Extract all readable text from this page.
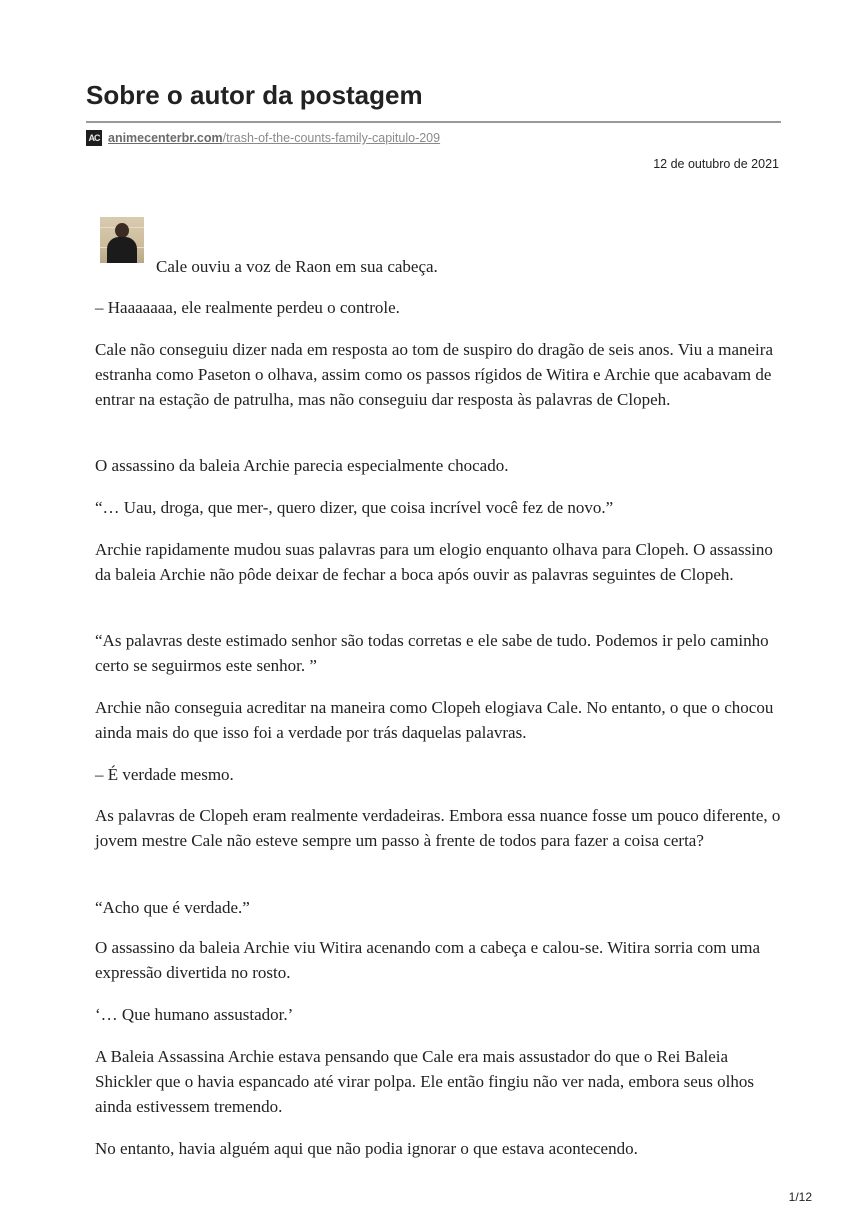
Sobre o autor da postagem
AC animecenterbr.com /trash-of-the-counts-family-capitulo-209
12 de outubro de 2021

Cale ouviu a voz de Raon em sua cabeça.

– Haaaaaaa, ele realmente perdeu o controle.

Cale não conseguiu dizer nada em resposta ao tom de suspiro do dragão de seis anos. Viu a maneira estranha como Paseton o olhava, assim como os passos rígidos de Witira e Archie que acabavam de entrar na estação de patrulha, mas não conseguiu dar resposta às palavras de Clopeh.

O assassino da baleia Archie parecia especialmente chocado.

“… Uau, droga, que mer-, quero dizer, que coisa incrível você fez de novo.”

Archie rapidamente mudou suas palavras para um elogio enquanto olhava para Clopeh. O assassino da baleia Archie não pôde deixar de fechar a boca após ouvir as palavras seguintes de Clopeh.

“As palavras deste estimado senhor são todas corretas e ele sabe de tudo. Podemos ir pelo caminho certo se seguirmos este senhor. ”

Archie não conseguia acreditar na maneira como Clopeh elogiava Cale. No entanto, o que o chocou ainda mais do que isso foi a verdade por trás daquelas palavras.

– É verdade mesmo.

As palavras de Clopeh eram realmente verdadeiras. Embora essa nuance fosse um pouco diferente, o jovem mestre Cale não esteve sempre um passo à frente de todos para fazer a coisa certa?

“Acho que é verdade.”

O assassino da baleia Archie viu Witira acenando com a cabeça e calou-se. Witira sorria com uma expressão divertida no rosto.

‘… Que humano assustador.’

A Baleia Assassina Archie estava pensando que Cale era mais assustador do que o Rei Baleia Shickler que o havia espancado até virar polpa. Ele então fingiu não ver nada, embora seus olhos ainda estivessem tremendo.

No entanto, havia alguém aqui que não podia ignorar o que estava acontecendo.

1/12
